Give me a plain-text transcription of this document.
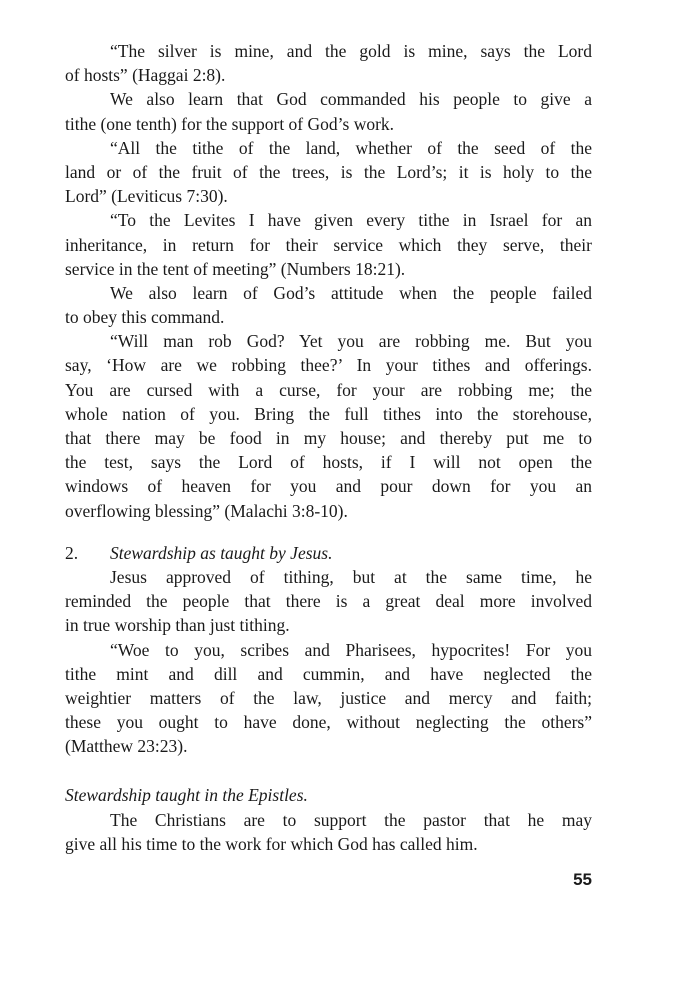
“The silver is mine, and the gold is mine, says the Lord
of hosts” (Haggai 2:8).
We also learn that God commanded his people to give a
tithe (one tenth) for the support of God’s work.
“All the tithe of the land, whether of the seed of the
land or of the fruit of the trees, is the Lord’s; it is holy to the
Lord” (Leviticus 7:30).
“To the Levites I have given every tithe in Israel for an
inheritance, in return for their service which they serve, their
service in the tent of meeting” (Numbers 18:21).
We also learn of God’s attitude when the people failed
to obey this command.
“Will man rob God? Yet you are robbing me. But you
say, ‘How are we robbing thee?’ In your tithes and offerings.
You are cursed with a curse, for your are robbing me; the
whole nation of you. Bring the full tithes into the storehouse,
that there may be food in my house; and thereby put me to
the test, says the Lord of hosts, if I will not open the
windows of heaven for you and pour down for you an
overflowing blessing” (Malachi 3:8-10).
2. Stewardship as taught by Jesus.
Jesus approved of tithing, but at the same time, he
reminded the people that there is a great deal more involved
in true worship than just tithing.
“Woe to you, scribes and Pharisees, hypocrites! For you
tithe mint and dill and cummin, and have neglected the
weightier matters of the law, justice and mercy and faith;
these you ought to have done, without neglecting the others”
(Matthew 23:23).
Stewardship taught in the Epistles.
The Christians are to support the pastor that he may
give all his time to the work for which God has called him.
55
